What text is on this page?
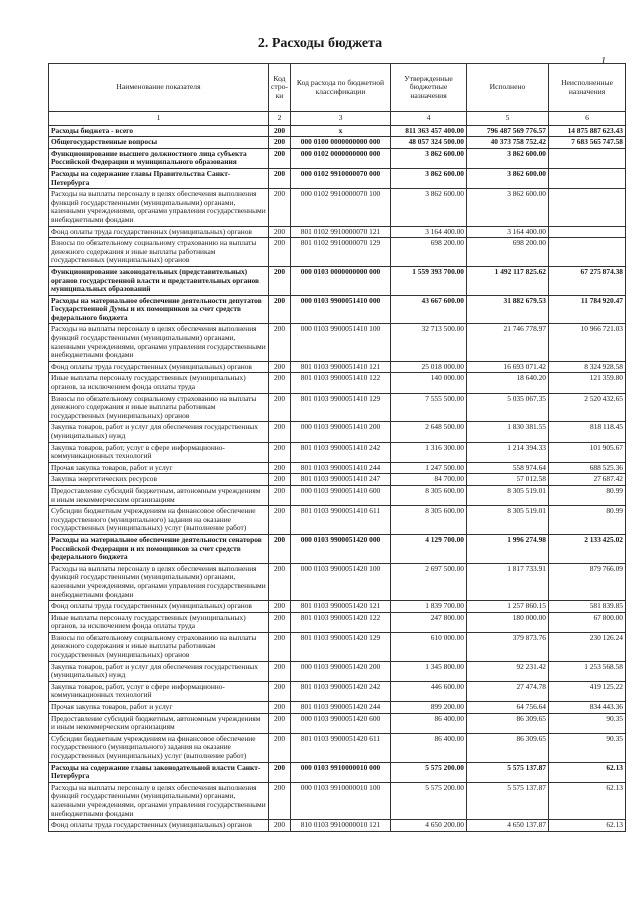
2. Расходы бюджета
1
Наименование показателя	Код стро-ки	Код расхода по бюджетной классификации	Утвержденные бюджетные назначения	Исполнено	Неисполненные назначения
1	2	3	4	5	6
Расходы бюджета - всего	200	x	811 363 457 400.00	796 487 569 776.57	14 875 887 623.43
Общегосударственные вопросы	200	000 0100 0000000000 000	48 057 324 500.00	40 373 758 752.42	7 683 565 747.58
Функционирование высшего должностного лица субъекта Российской Федерации и муниципального образования	200	000 0102 0000000000 000	3 862 600.00	3 862 600.00	
Расходы на содержание главы Правительства Санкт-Петербурга	200	000 0102 9910000070 000	3 862 600.00	3 862 600.00	
Расходы на выплаты персоналу в целях обеспечения выполнения функций государственными (муниципальными) органами, казенными учреждениями, органами управления государственными внебюджетными фондами	200	000 0102 9910000070 100	3 862 600.00	3 862 600.00	
Фонд оплаты труда государственных (муниципальных) органов	200	801 0102 9910000070 121	3 164 400.00	3 164 400.00	
Взносы по обязательному социальному страхованию на выплаты денежного содержания и иные выплаты работникам государственных (муниципальных) органов	200	801 0102 9910000070 129	698 200.00	698 200.00	
Функционирование законодательных (представительных) органов государственной власти и представительных органов муниципальных образований	200	000 0103 0000000000 000	1 559 393 700.00	1 492 117 825.62	67 275 874.38
Расходы на материальное обеспечение деятельности депутатов Государственной Думы и их помощников за счет средств федерального бюджета	200	000 0103 9900051410 000	43 667 600.00	31 882 679.53	11 784 920.47
Расходы на выплаты персоналу в целях обеспечения выполнения функций государственными (муниципальными) органами, казенными учреждениями, органами управления государственными внебюджетными фондами	200	000 0103 9900051410 100	32 713 500.00	21 746 778.97	10 966 721.03
Фонд оплаты труда государственных (муниципальных) органов	200	801 0103 9900051410 121	25 018 000.00	16 693 071.42	8 324 928.58
Иные выплаты персоналу государственных (муниципальных) органов, за исключением фонда оплаты труда	200	801 0103 9900051410 122	140 000.00	18 640.20	121 359.80
Взносы по обязательному социальному страхованию на выплаты денежного содержания и иные выплаты работникам государственных (муниципальных) органов	200	801 0103 9900051410 129	7 555 500.00	5 035 067.35	2 520 432.65
Закупка товаров, работ и услуг для обеспечения государственных (муниципальных) нужд	200	000 0103 9900051410 200	2 648 500.00	1 830 381.55	818 118.45
Закупка товаров, работ, услуг в сфере информационно-коммуникационных технологий	200	801 0103 9900051410 242	1 316 300.00	1 214 394.33	101 905.67
Прочая закупка товаров, работ и услуг	200	801 0103 9900051410 244	1 247 500.00	558 974.64	688 525.36
Закупка энергетических ресурсов	200	801 0103 9900051410 247	84 700.00	57 012.58	27 687.42
Предоставление субсидий бюджетным, автономным учреждениям и иным некоммерческим организациям	200	000 0103 9900051410 600	8 305 600.00	8 305 519.01	80.99
Субсидии бюджетным учреждениям на финансовое обеспечение государственного (муниципального) задания на оказание государственных (муниципальных) услуг (выполнение работ)	200	801 0103 9900051410 611	8 305 600.00	8 305 519.01	80.99
Расходы на материальное обеспечение деятельности сенаторов Российской Федерации и их помощников за счет средств федерального бюджета	200	000 0103 9900051420 000	4 129 700.00	1 996 274.98	2 133 425.02
Расходы на выплаты персоналу в целях обеспечения выполнения функций государственными (муниципальными) органами, казенными учреждениями, органами управления государственными внебюджетными фондами	200	000 0103 9900051420 100	2 697 500.00	1 817 733.91	879 766.09
Фонд оплаты труда государственных (муниципальных) органов	200	801 0103 9900051420 121	1 839 700.00	1 257 860.15	581 839.85
Иные выплаты персоналу государственных (муниципальных) органов, за исключением фонда оплаты труда	200	801 0103 9900051420 122	247 800.00	180 000.00	67 800.00
Взносы по обязательному социальному страхованию на выплаты денежного содержания и иные выплаты работникам государственных (муниципальных) органов	200	801 0103 9900051420 129	610 000.00	379 873.76	230 126.24
Закупка товаров, работ и услуг для обеспечения государственных (муниципальных) нужд	200	000 0103 9900051420 200	1 345 800.00	92 231.42	1 253 568.58
Закупка товаров, работ, услуг в сфере информационно-коммуникационных технологий	200	801 0103 9900051420 242	446 600.00	27 474.78	419 125.22
Прочая закупка товаров, работ и услуг	200	801 0103 9900051420 244	899 200.00	64 756.64	834 443.36
Предоставление субсидий бюджетным, автономным учреждениям и иным некоммерческим организациям	200	000 0103 9900051420 600	86 400.00	86 309.65	90.35
Субсидии бюджетным учреждениям на финансовое обеспечение государственного (муниципального) задания на оказание государственных (муниципальных) услуг (выполнение работ)	200	801 0103 9900051420 611	86 400.00	86 309.65	90.35
Расходы на содержание главы законодательной власти Санкт-Петербурга	200	000 0103 9910000010 000	5 575 200.00	5 575 137.87	62.13
Расходы на выплаты персоналу в целях обеспечения выполнения функций государственными (муниципальными) органами, казенными учреждениями, органами управления государственными внебюджетными фондами	200	000 0103 9910000010 100	5 575 200.00	5 575 137.87	62.13
Фонд оплаты труда государственных (муниципальных) органов	200	810 0103 9910000010 121	4 650 200.00	4 650 137.87	62.13
